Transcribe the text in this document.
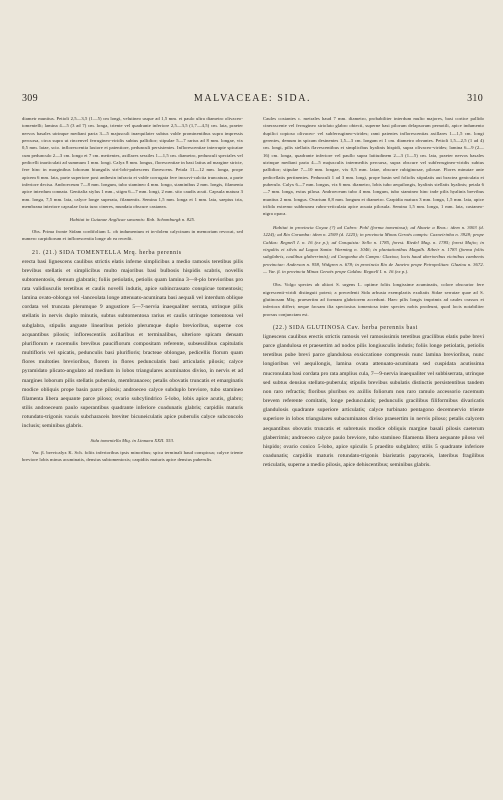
309	MALVACEAE: SIDA.	310

diametr munitus. Petioli 2,5—3,5 (1—5) cm longi, velutineo usque ad 1,5 mm. et paulo ultra diametro olivaceo-tomentelli; lamina 4—5 (3 ad 7) cm. longa, triente vel quadrante inferiore 2,5—3,5 (1,7—4,5) cm. lata, praeter nervos basales utrinque mediani paria 3—5 majusculi inaequilater subtus valde prominentibus supra impressis percursa, circa supra ut rincenvel ferrugineo-viridis subtus pallidior; stipulae 5—7 rarius ad 8 mm. longae, vix 0,5 mm. latae, scio. inflorescentia laxiore et patentiore, pedunculi persistentes. Inflorescentiae interrupte spicatae cum pedunculo 2—3 cm. longo et 7 cm. metientes, axillares sessiles 1—1,5 cm. diametro, pedunculi speciales vel pedicelli inarticulati ad summum 1 mm. longi. Calyx 8 mm. longus, florescentiae in basi latius ad margine stricte, fere hinc in marginibus loborum biungulis stri-lobi-pubescens flavescens. Petala 11—12 mm. longa, prope apicem 6 mm. lata, parte superiore post anthesin infracta et valde corrugata fere incurvi-calcita truncatura, a parte inferiore decisa. Androeceum 7—8 mm. longum, tubo stamineo 4 mm. longo, staminibus 2 mm. longis, filamenta apice interdum connata. Genitalia stylus 1 mm., stigm 6—7 mm. longi, 2 mm. sito caudis acuti. Capsula matura 3 mm. longa, 7,5 mm. lata, calyce longe superata, filamentis. Semina 1,5 mm. longa et 1 mm. lata, saepius tria, membrana interiore capsulae facta tunc cineres, mundata obscure castanea.

Habitat in Guianae Anglicae savannis: Rob. Schomburgk n. 825.

Obs. Prima fronte Sidam cordifoliam L. ob indumentum et in-dolem calycinam in memoriam revocat, sed numero carpidiorum et inflorescentia longe ab ea recedit.

21. (21.) SIDA TOMENTELLA Mrq. herba perennis

erecta basi lignescens caulibus strictis elatis inferne simplicibus a medio ramosis teretibus pilis brevibus stellatis et simplicibus multo majoribus basi bulbosis hispidis scabris, novellis subtomentosis, demum glabratis; foliis petiolatis, petiolis quam lamina 3—8-plo brevioribus pro rata validiusculis teretibus et caulis novelli indutis, apice subincrassato conspicue tomentosis; lamina ovato-oblonga vel -lanceolata longe attenuato-acuminata basi aequali vel interdum oblique cordata vel truncata plerumque 9 angustiore 5—7-nervia inaequaliter serrata, utrinque pilis stellatis in nervis duplo minutis, subtus subtomentosa rarius et caulis utrinque tomentosa vel subglabra, stipulis anguste linearibus petiolo plerumque duplo brevioribus, superne cos acquantibus pilosis; inflorescentiis axillaribus et terminalibus, ulteriore spicam densam pluriflorum e racemulis brevibus pauciflorum compositam referente, subsessilibus capitulatis multifloris vel spicatis, pedunculis basi plurifloris; bracteae oblongae, pedicellis florum quam flores multoties brevioribus, florem in flores pedunculatis basi articulatis pilosis; calyce pyramidato plicato-angulato ad medium in lobos triangulares acuminatos diviso, in nervis et ad margines loborum pilis stellatis puberulo, membranaceo; petalis obovatis truncatis et emarginatis modice obliquis prope basin parce pilosis; androeceo calyce subduplo breviore, tubo stamineo filamenta libera aequante parce piloso; ovario subcylindrico 5-lobo, lobis apice acutis, glabro; stilis androeceum paulo superantibus quadrante inferiore coadunatis glabris; carpidiis maturis rotundato-trigonis vacuis subcharaceis breviter bicuneiculatis apice puberulis calyce subconcolo inclusis; seminibus glabris.

Sida tomentella Miq. in Linnaea XXII. 553.

Var. β. brevicalyx K. Sch. foliis inferioribus ipsis minoribus; spica terminali haud conspicua; calyce triente breviore lobis minus acuminatis, densius subtomentosis; carpidiis maturis apice densius puberulis.

Caules costantes c. metrales haud 7 mm. diametro, probabiliter interdum multo majores, basi cortice pallido cinerascente vel ferrugineo striolato glabro obtecti, superne basi pilorum delapsorum pernotili, apice indumento dupilici copioso olivaceo- vel subferrugineo-virides; rami patentes inflorescentias axillares 1—1,5 cm. longi gerentes, demum in spicam desinentes 1,5—3 cm. longam et 1 cm. diametro obvantes. Petioli 1,5—2,5 (1 ad 4) cm. longi, pilis stellatis flavescentibus et simplicibus hyalinis hispidi, supra olivaceo-virides; lamina 6—9 (2—16) cm. longa, quadrante inferiore vel paullo supra latitudinem 2—3 (1—5) cm. lata, praeter nervos basales utrinque mediani paria 4—5 majusculis intermediis percursa, supra obscure vel subferrugineo-viridis subtus pallidior; stipulae 7—10 mm. longae, vix 0,5 mm. latae, obscure rubiginosae, pilosae. Flores minutae ante pedicellatis pertinentes. Pedunculi 1 ad 3 mm. longi, prope basin sed foliolis stipulatis aut bractea geniculata et puberulo. Calyx 6—7 mm. longus, vix 6 mm. diametro, lobis tubo aequilongis, hyalinis stellatis hyalinis; petala 6—7 mm. longa, extus pilosa. Androeceum tubo 4 mm. longum, tubo stamineo hinc inde pilis hyalinis brevibus munitus 2 mm. longus. Ovarium 0,8 mm. longum et diametro. Carpidia matura 3 mm. longa, 1,5 mm. lata, apice trifida extremo subbrunea rubro-reticulata apice acuata pilosula. Semina 1,5 mm. longa, 1 mm. lata, castaneo-nigra opaca.

Habitat in provincia Goyaz (?) ad Cabro: Pohl (forma tomentosa); ad Abaete a Bras.: idem n. 3003 (d. 1224); ad Rio Corumba: idem n. 2509 (d. 1225); in provincia Minas Geraës campis: Caxoeirinha n. 3928; prope Caldas: Regnell I. n. 16 (ex p.); ad Conquista: Sello n. 1785, forest. Riedel Mag. n. 1785; forest Majio; in virgultis et silvis ad Lagoa Santa: Warming n. 1046; in plantationibus Magalh. Ribeir n. 1783 (forma foliis subglabris, caulibus glaberrimis); ad Congonha do Campo: Glaziou; locis haud uberioribus vicinibus cambenis provinciae: Anderson n. 958, Widgren n. 678; in provincia Rio de Janeiro prope Petropolitan: Glaziou n. 3672. — Var. β. in provincia Minas Geraës prope Caldas: Regnell I. n. 16 (ex p.).

Obs. Volgo species ab altiori S. urgens L. optime foliis longissime acuminatis, colore obscurior fere nigrescenti-viridi distinguit potest; a precedenti Sida arbusta exemplariis exaltatis Sidae serratae quae ad S. glutinosam Miq. praesertim ad formam glabriorem accedunt. Haec pilis longis imprimis ad caules crassos et inferiora differt; neque facsam ilia speciosius tomentosa inter species nobis prodeunt, quod locis notabiliter prorsus conjunctam est.

(22.) SIDA GLUTINOSA Cav. herba perennis basi

lignescens caulibus erectis strictis ramosis vel ramosissimis teretibus gracilibus elatis pube brevi parce glandulosa et praesertim ad nodos pilis longiusculis indutis; foliis longe petiolatis, petiolis teretibus pube brevi parce glandulosa exsiccatione compressis nunc lamina brevioribus, nunc longioribus vel aequilongis, lamina ovata attenuato-acuminata sed cuspidata acutissima mucronulata basi cordata pro rata amplius cula, 7—9-nervia inaequaliter vel subbiserrata, utrinque sed subtus densius stellato-puberula; stipulis brevibus subulatis distinctis persistentibus tandem non raro refractis; floribus pluribus ex axillis foliorum non raro ramulo accessorio racemum brevem referente comitatis, longe pedunculatis; pedunculis gracilibus filiformibus divaricatis glandulosis quadrante superiore articulatis; calyce turbinato pentagono decemnervio triente superiore in lobos triangulares subacuminatos diviso praesertim in nervis piloso; petalis calycem aequantibus obovatis truncatis et subretusis modice obliquis margine basali pilosis caeterum glaberrimis; androeceo calyce paulo breviore, tubo stamineo filamenta libera aequante piloso vel hispido; ovario conico 5-lobo, apice spiculis 5 praedito subglabro; stilis 5 quadrante inferiore coadunatis; carpidiis maturis rotundato-trigonis biaristatis papyraceis, lateribus fragilibus reticulatis, superne a medio pilosis, apice dehiscentibus; seminibus glabris.
